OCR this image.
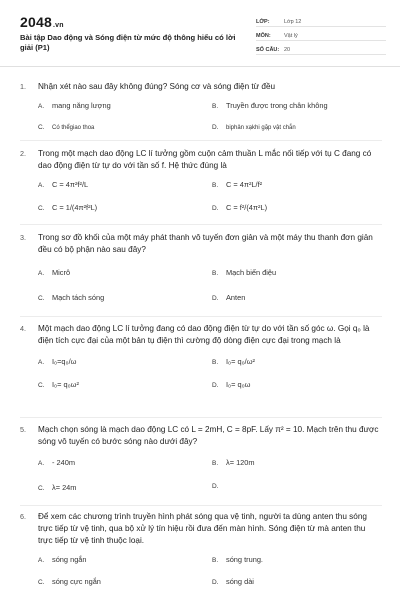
2048.vn
Bài tập Dao động và Sóng điện từ mức độ thông hiểu có lời giải (P1)
LỚP:	Lớp 12
MÔN:	Vật lý
SỐ CÂU: 20
1.	Nhận xét nào sau đây không đúng? Sóng cơ và sóng điện từ đều
A.	mang năng lượng	B.	Truyền được trong chân không
C.	Có thểgiao thoa	D.	biphản xạkhi gặp vật chắn
2.	Trong một mạch dao động LC lí tưởng gồm cuộn cảm thuần L mắc nối tiếp với tụ C đang có dao động điện từ tự do với tần số f. Hệ thức đúng là
A.	C = 4π²f²/L	B.	C = 4π²L/f²
C.	C = 1/(4π²f²L)	D.	C = f²/(4π²L)
3.	Trong sơ đồ khối của một máy phát thanh vô tuyến đơn giản và một máy thu thanh đơn giản đều có bộ phận nào sau đây?
A.	Micrô	B.	Mạch biến điệu
C.	Mạch tách sóng	D.	Anten
4.	Một mạch dao động LC lí tưởng đang có dao động điện từ tự do với tần số góc ω. Gọi q₀ là điện tích cực đại của một bản tụ điện thì cường độ dòng điện cực đại trong mạch là
A.	I₀=q₀/ω	B.	I₀= q₀/ω²
C.	I₀= q₀ω²	D.	I₀= q₀ω
5.	Mạch chọn sóng là mạch dao động LC có L = 2mH, C = 8pF. Lấy π² = 10. Mạch trên thu được sóng vô tuyến có bước sóng nào dưới đây?
A.	- 240m	B.	λ= 120m
C.	λ= 24m	D.
6.	Để xem các chương trình truyền hình phát sóng qua vệ tinh, người ta dùng anten thu sóng trực tiếp từ vệ tinh, qua bộ xử lý tín hiệu rồi đưa đến màn hình. Sóng điện từ mà anten thu trực tiếp từ vệ tinh thuộc loại.
A.	sóng ngắn	B.	sóng trung.
C.	sóng cực ngắn	D.	sóng dài
